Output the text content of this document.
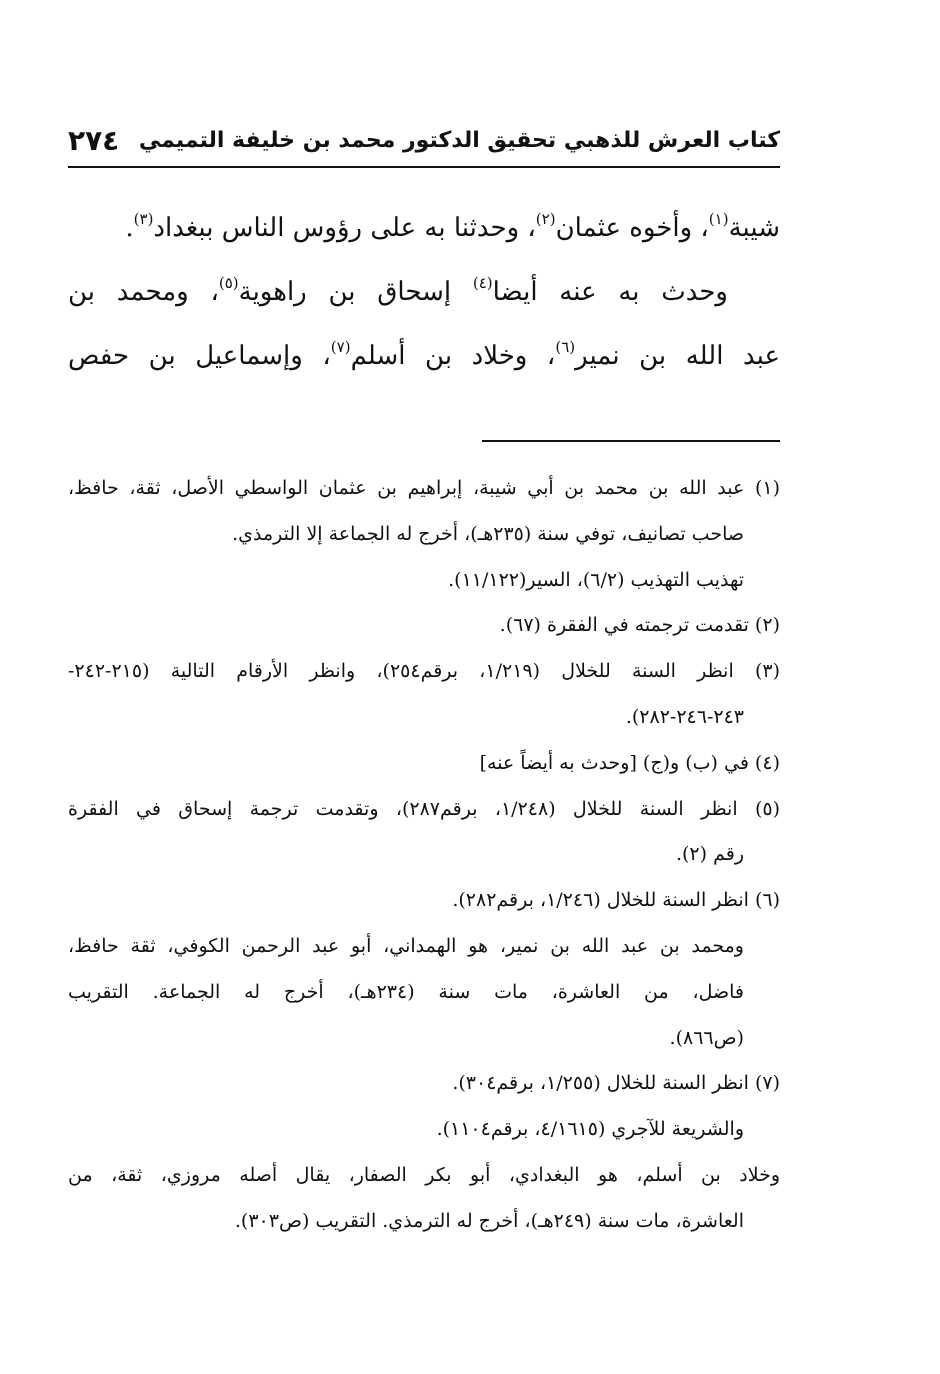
كتاب العرش للذهبي تحقيق الدكتور محمد بن خليفة التميمي
٢٧٤

شيبة$^{(١)}$، وأخوه عثمان$^{(٢)}$، وحدثنا به على رؤوس الناس ببغداد$^{(٣)}$.

وحدث به عنه أيضا$^{(٤)}$ إسحاق بن راهوية$^{(٥)}$، ومحمد بن

عبد الله بن نمير$^{(٦)}$، وخلاد بن أسلم$^{(٧)}$، وإسماعيل بن حفص

(١) عبد الله بن محمد بن أبي شيبة، إبراهيم بن عثمان الواسطي الأصل، ثقة، حافظ،

صاحب تصانيف، توفي سنة (٢٣٥هـ)، أخرج له الجماعة إلا الترمذي.

تهذيب التهذيب (٦/٢)، السير(١١/١٢٢).

(٢) تقدمت ترجمته في الفقرة (٦٧).

(٣) انظر السنة للخلال (١/٢١٩، برقم٢٥٤)، وانظر الأرقام التالية (٢١٥-٢٤٢-

٢٤٣-٢٤٦-٢٨٢).

(٤) في (ب) و(ج) [وحدث به أيضاً عنه]

(٥) انظر السنة للخلال (١/٢٤٨، برقم٢٨٧)، وتقدمت ترجمة إسحاق في الفقرة

رقم (٢).

(٦) انظر السنة للخلال (١/٢٤٦، برقم٢٨٢).

ومحمد بن عبد الله بن نمير، هو الهمداني، أبو عبد الرحمن الكوفي، ثقة حافظ،

فاضل، من العاشرة، مات سنة (٢٣٤هـ)، أخرج له الجماعة. التقريب

(ص٨٦٦).

(٧) انظر السنة للخلال (١/٢٥٥، برقم٣٠٤).

والشريعة للآجري (٤/١٦١٥، برقم١١٠٤).

وخلاد بن أسلم، هو البغدادي، أبو بكر الصفار، يقال أصله مروزي، ثقة، من

العاشرة، مات سنة (٢٤٩هـ)، أخرج له الترمذي. التقريب (ص٣٠٣).
